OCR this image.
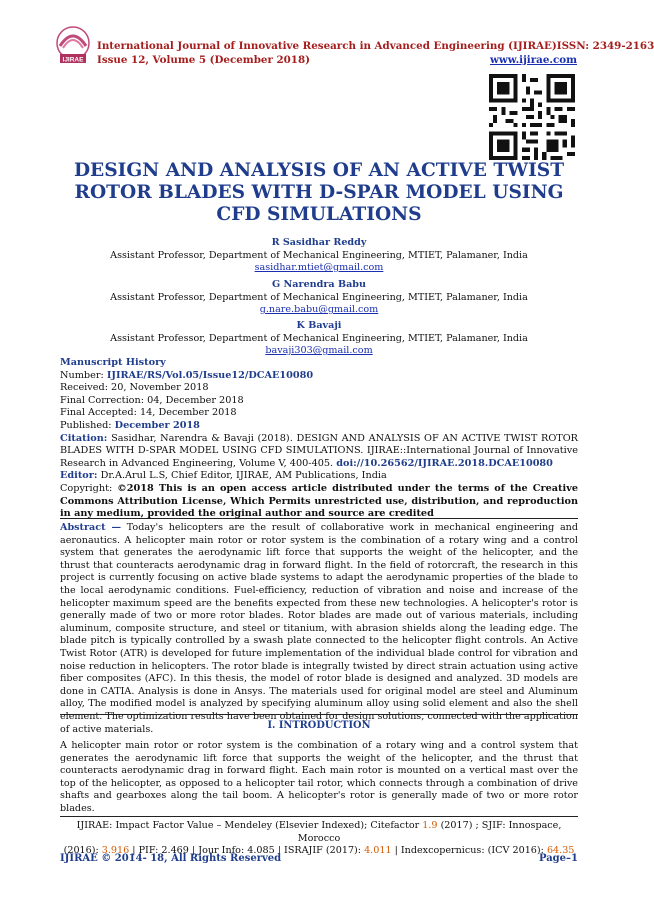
IJIRAE
International Journal of Innovative Research in Advanced Engineering (IJIRAE) ISSN: 2349-2163
Issue 12, Volume 5 (December 2018)	www.ijirae.com
DESIGN AND ANALYSIS OF AN ACTIVE TWIST ROTOR BLADES WITH D-SPAR MODEL USING CFD SIMULATIONS
R Sasidhar Reddy
Assistant Professor, Department of Mechanical Engineering, MTIET, Palamaner, India
sasidhar.mtiet@gmail.com
G Narendra Babu
Assistant Professor, Department of Mechanical Engineering, MTIET, Palamaner, India
g.nare.babu@gmail.com
K Bavaji
Assistant Professor, Department of Mechanical Engineering, MTIET, Palamaner, India
bavaji303@gmail.com
Manuscript History
Number: IJIRAE/RS/Vol.05/Issue12/DCAE10080
Received: 20, November 2018
Final Correction: 04, December 2018
Final Accepted: 14, December 2018
Published: December 2018
Citation: Sasidhar, Narendra & Bavaji (2018). DESIGN AND ANALYSIS OF AN ACTIVE TWIST ROTOR BLADES WITH D-SPAR MODEL USING CFD SIMULATIONS. IJIRAE::International Journal of Innovative Research in Advanced Engineering, Volume V, 400-405. doi://10.26562/IJIRAE.2018.DCAE10080
Editor: Dr.A.Arul L.S, Chief Editor, IJIRAE, AM Publications, India
Copyright: ©2018 This is an open access article distributed under the terms of the Creative Commons Attribution License, Which Permits unrestricted use, distribution, and reproduction in any medium, provided the original author and source are credited
Abstract — Today's helicopters are the result of collaborative work in mechanical engineering and aeronautics. A helicopter main rotor or rotor system is the combination of a rotary wing and a control system that generates the aerodynamic lift force that supports the weight of the helicopter, and the thrust that counteracts aerodynamic drag in forward flight. In the field of rotorcraft, the research in this project is currently focusing on active blade systems to adapt the aerodynamic properties of the blade to the local aerodynamic conditions. Fuel-efficiency, reduction of vibration and noise and increase of the helicopter maximum speed are the benefits expected from these new technologies. A helicopter's rotor is generally made of two or more rotor blades. Rotor blades are made out of various materials, including aluminum, composite structure, and steel or titanium, with abrasion shields along the leading edge. The blade pitch is typically controlled by a swash plate connected to the helicopter flight controls. An Active Twist Rotor (ATR) is developed for future implementation of the individual blade control for vibration and noise reduction in helicopters. The rotor blade is integrally twisted by direct strain actuation using active fiber composites (AFC). In this thesis, the model of rotor blade is designed and analyzed. 3D models are done in CATIA. Analysis is done in Ansys. The materials used for original model are steel and Aluminum alloy, The modified model is analyzed by specifying aluminum alloy using solid element and also the shell element. The optimization results have been obtained for design solutions, connected with the application of active materials.	I. INTRODUCTION
A helicopter main rotor or rotor system is the combination of a rotary wing and a control system that generates the aerodynamic lift force that supports the weight of the helicopter, and the thrust that counteracts aerodynamic drag in forward flight. Each main rotor is mounted on a vertical mast over the top of the helicopter, as opposed to a helicopter tail rotor, which connects through a combination of drive shafts and gearboxes along the tail boom. A helicopter's rotor is generally made of two or more rotor blades.
IJIRAE: Impact Factor Value – Mendeley (Elsevier Indexed); Citefactor 1.9 (2017) ; SJIF: Innospace, Morocco
(2016): 3.916 | PIF: 2.469 | Jour Info: 4.085 | ISRAJIF (2017): 4.011 | Indexcopernicus: (ICV 2016): 64.35
IJIRAE © 2014- 18, All Rights Reserved	Page–1
